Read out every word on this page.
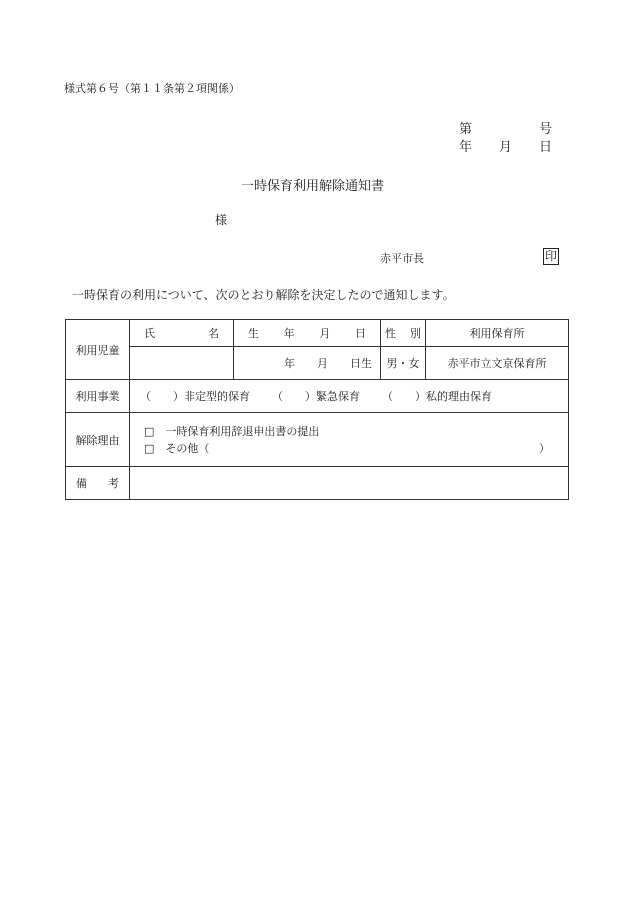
様式第６号（第１１条第２項関係）
第	号
年 月 日
一時保育利用解除通知書
様
赤平市長	印
一時保育の利用について、次のとおり解除を決定したので通知します。
利用児童	氏 名	生 年 月 日	性 別	利用保育所

		年 月 日生	男・女	赤平市立文京保育所
利用事業	（　　）非定型的保育 （　　）緊急保育 （　　）私的理由保育			

解除理由	□　一時保育利用辞退申出書の提出
□　その他（ ）			

備 考				
